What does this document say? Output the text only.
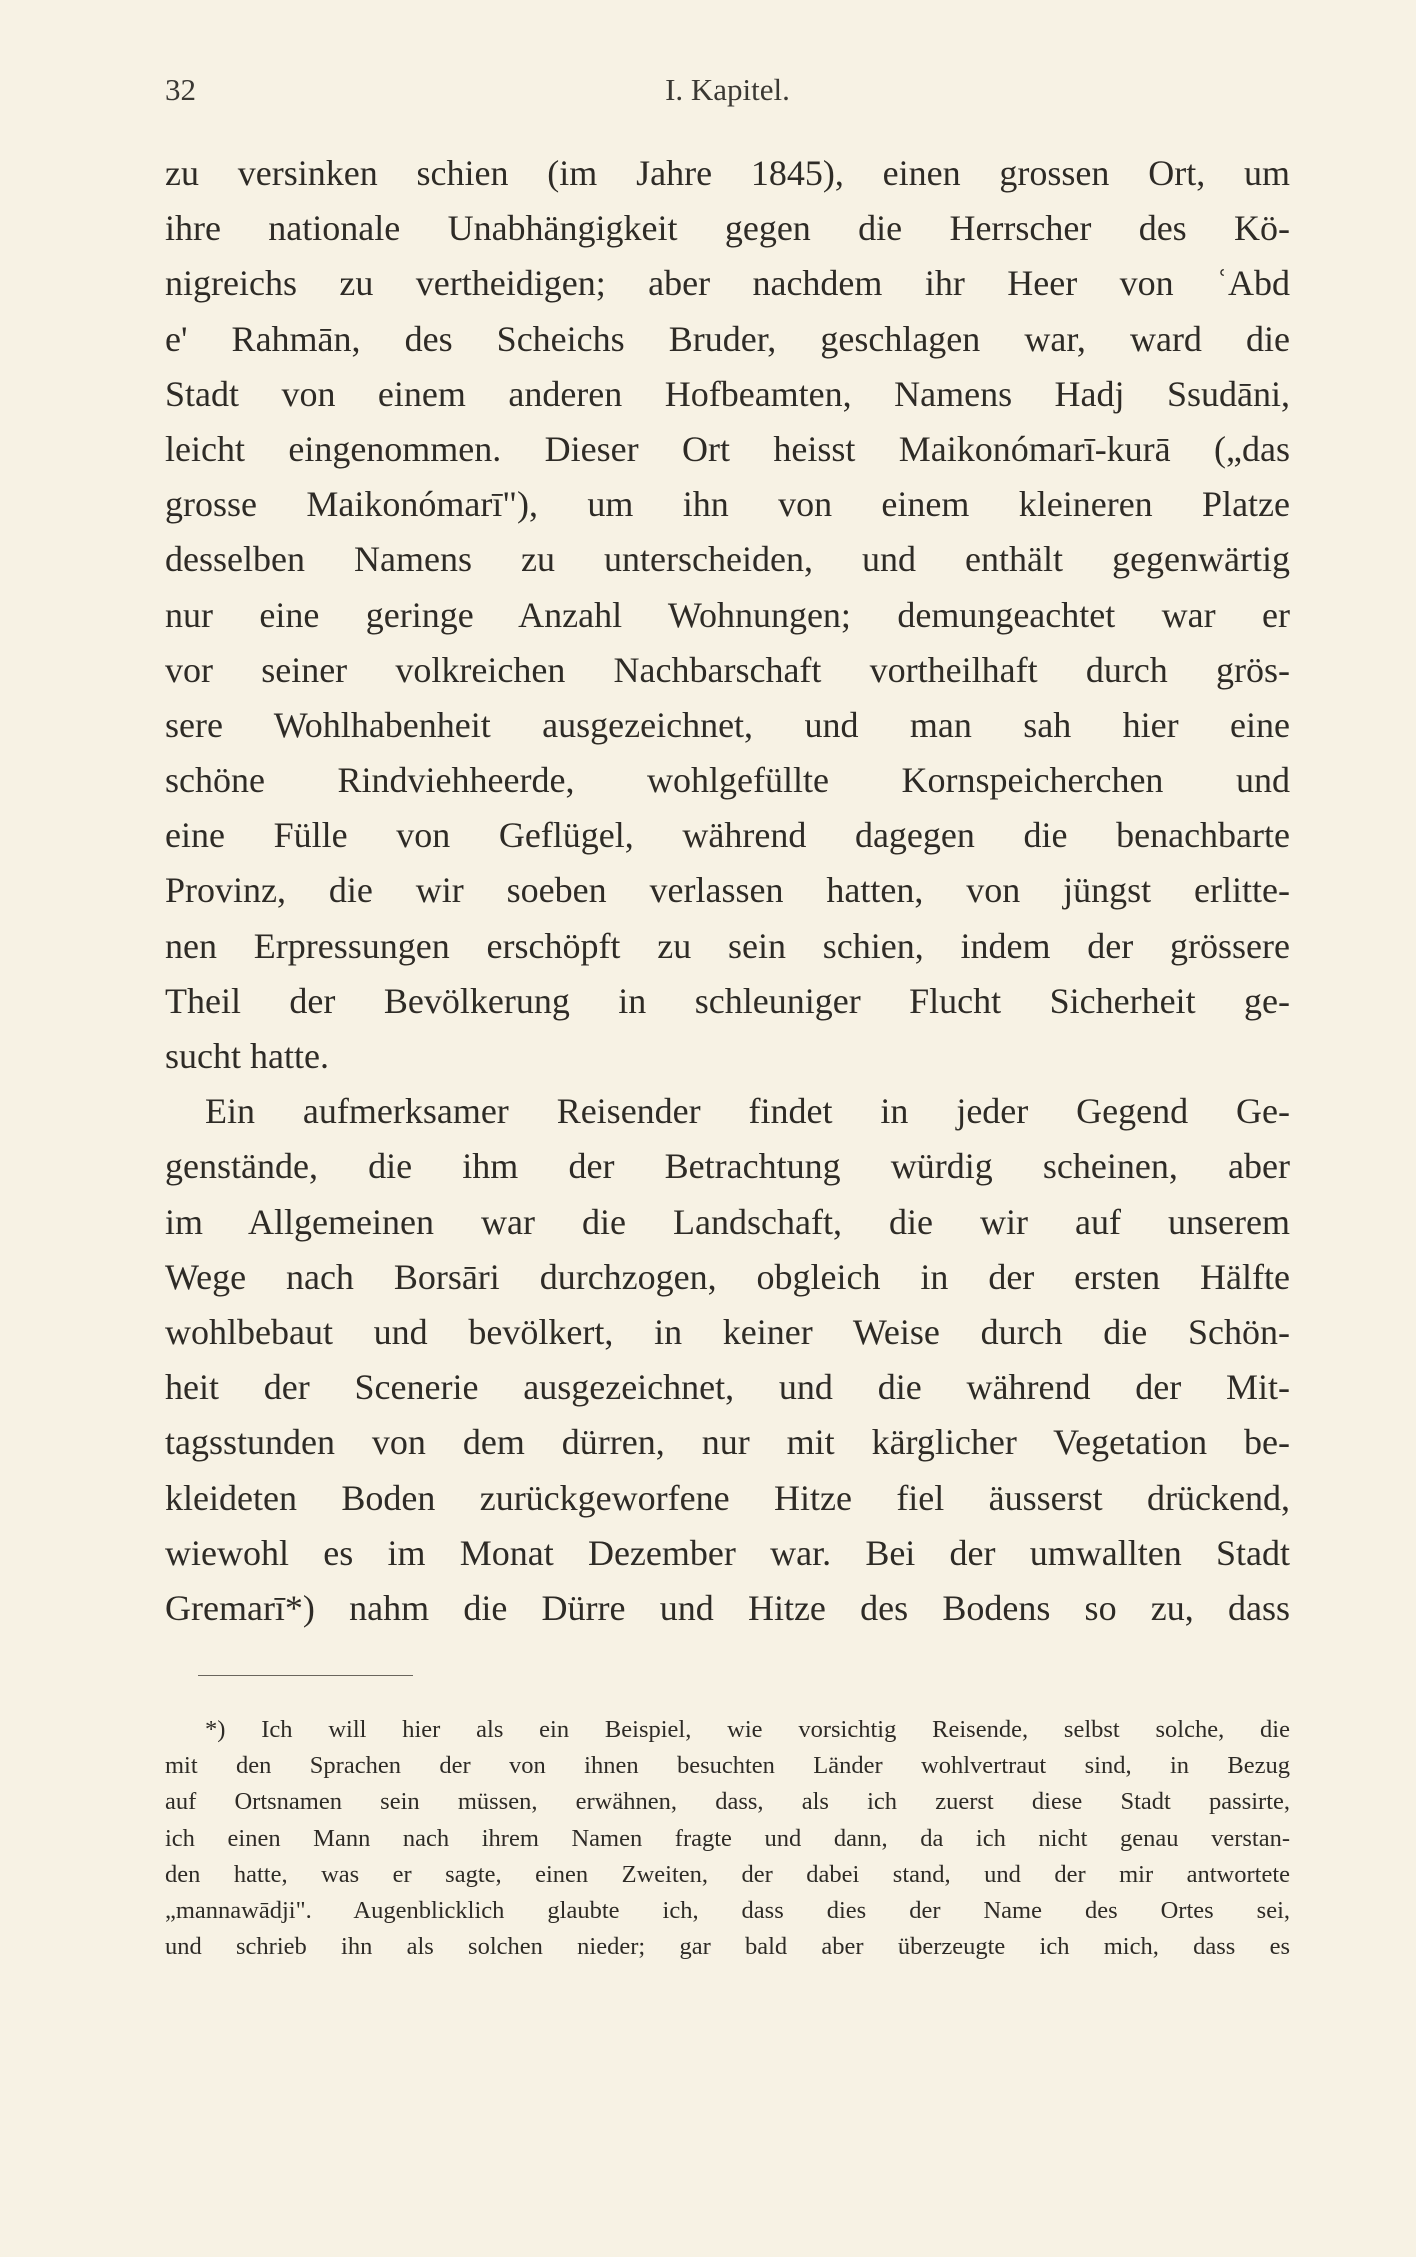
32	I. Kapitel.
zu versinken schien (im Jahre 1845), einen grossen Ort, um
ihre nationale Unabhängigkeit gegen die Herrscher des Kö-
nigreichs zu vertheidigen; aber nachdem ihr Heer von ʿAbd
e' Rahmān, des Scheichs Bruder, geschlagen war, ward die
Stadt von einem anderen Hofbeamten, Namens Hadj Ssudāni,
leicht eingenommen. Dieser Ort heisst Maikonómarī-kurā („das
grosse Maikonómarī"), um ihn von einem kleineren Platze
desselben Namens zu unterscheiden, und enthält gegenwärtig
nur eine geringe Anzahl Wohnungen; demungeachtet war er
vor seiner volkreichen Nachbarschaft vortheilhaft durch grös-
sere Wohlhabenheit ausgezeichnet, und man sah hier eine
schöne Rindviehheerde, wohlgefüllte Kornspeicherchen und
eine Fülle von Geflügel, während dagegen die benachbarte
Provinz, die wir soeben verlassen hatten, von jüngst erlitte-
nen Erpressungen erschöpft zu sein schien, indem der grössere
Theil der Bevölkerung in schleuniger Flucht Sicherheit ge-
sucht hatte.
Ein aufmerksamer Reisender findet in jeder Gegend Ge-
genstände, die ihm der Betrachtung würdig scheinen, aber
im Allgemeinen war die Landschaft, die wir auf unserem
Wege nach Borsāri durchzogen, obgleich in der ersten Hälfte
wohlbebaut und bevölkert, in keiner Weise durch die Schön-
heit der Scenerie ausgezeichnet, und die während der Mit-
tagsstunden von dem dürren, nur mit kärglicher Vegetation be-
kleideten Boden zurückgeworfene Hitze fiel äusserst drückend,
wiewohl es im Monat Dezember war. Bei der umwallten Stadt
Gremarī*) nahm die Dürre und Hitze des Bodens so zu, dass
*) Ich will hier als ein Beispiel, wie vorsichtig Reisende, selbst solche, die
mit den Sprachen der von ihnen besuchten Länder wohlvertraut sind, in Bezug
auf Ortsnamen sein müssen, erwähnen, dass, als ich zuerst diese Stadt passirte,
ich einen Mann nach ihrem Namen fragte und dann, da ich nicht genau verstan-
den hatte, was er sagte, einen Zweiten, der dabei stand, und der mir antwortete
„mannawādji". Augenblicklich glaubte ich, dass dies der Name des Ortes sei,
und schrieb ihn als solchen nieder; gar bald aber überzeugte ich mich, dass es
